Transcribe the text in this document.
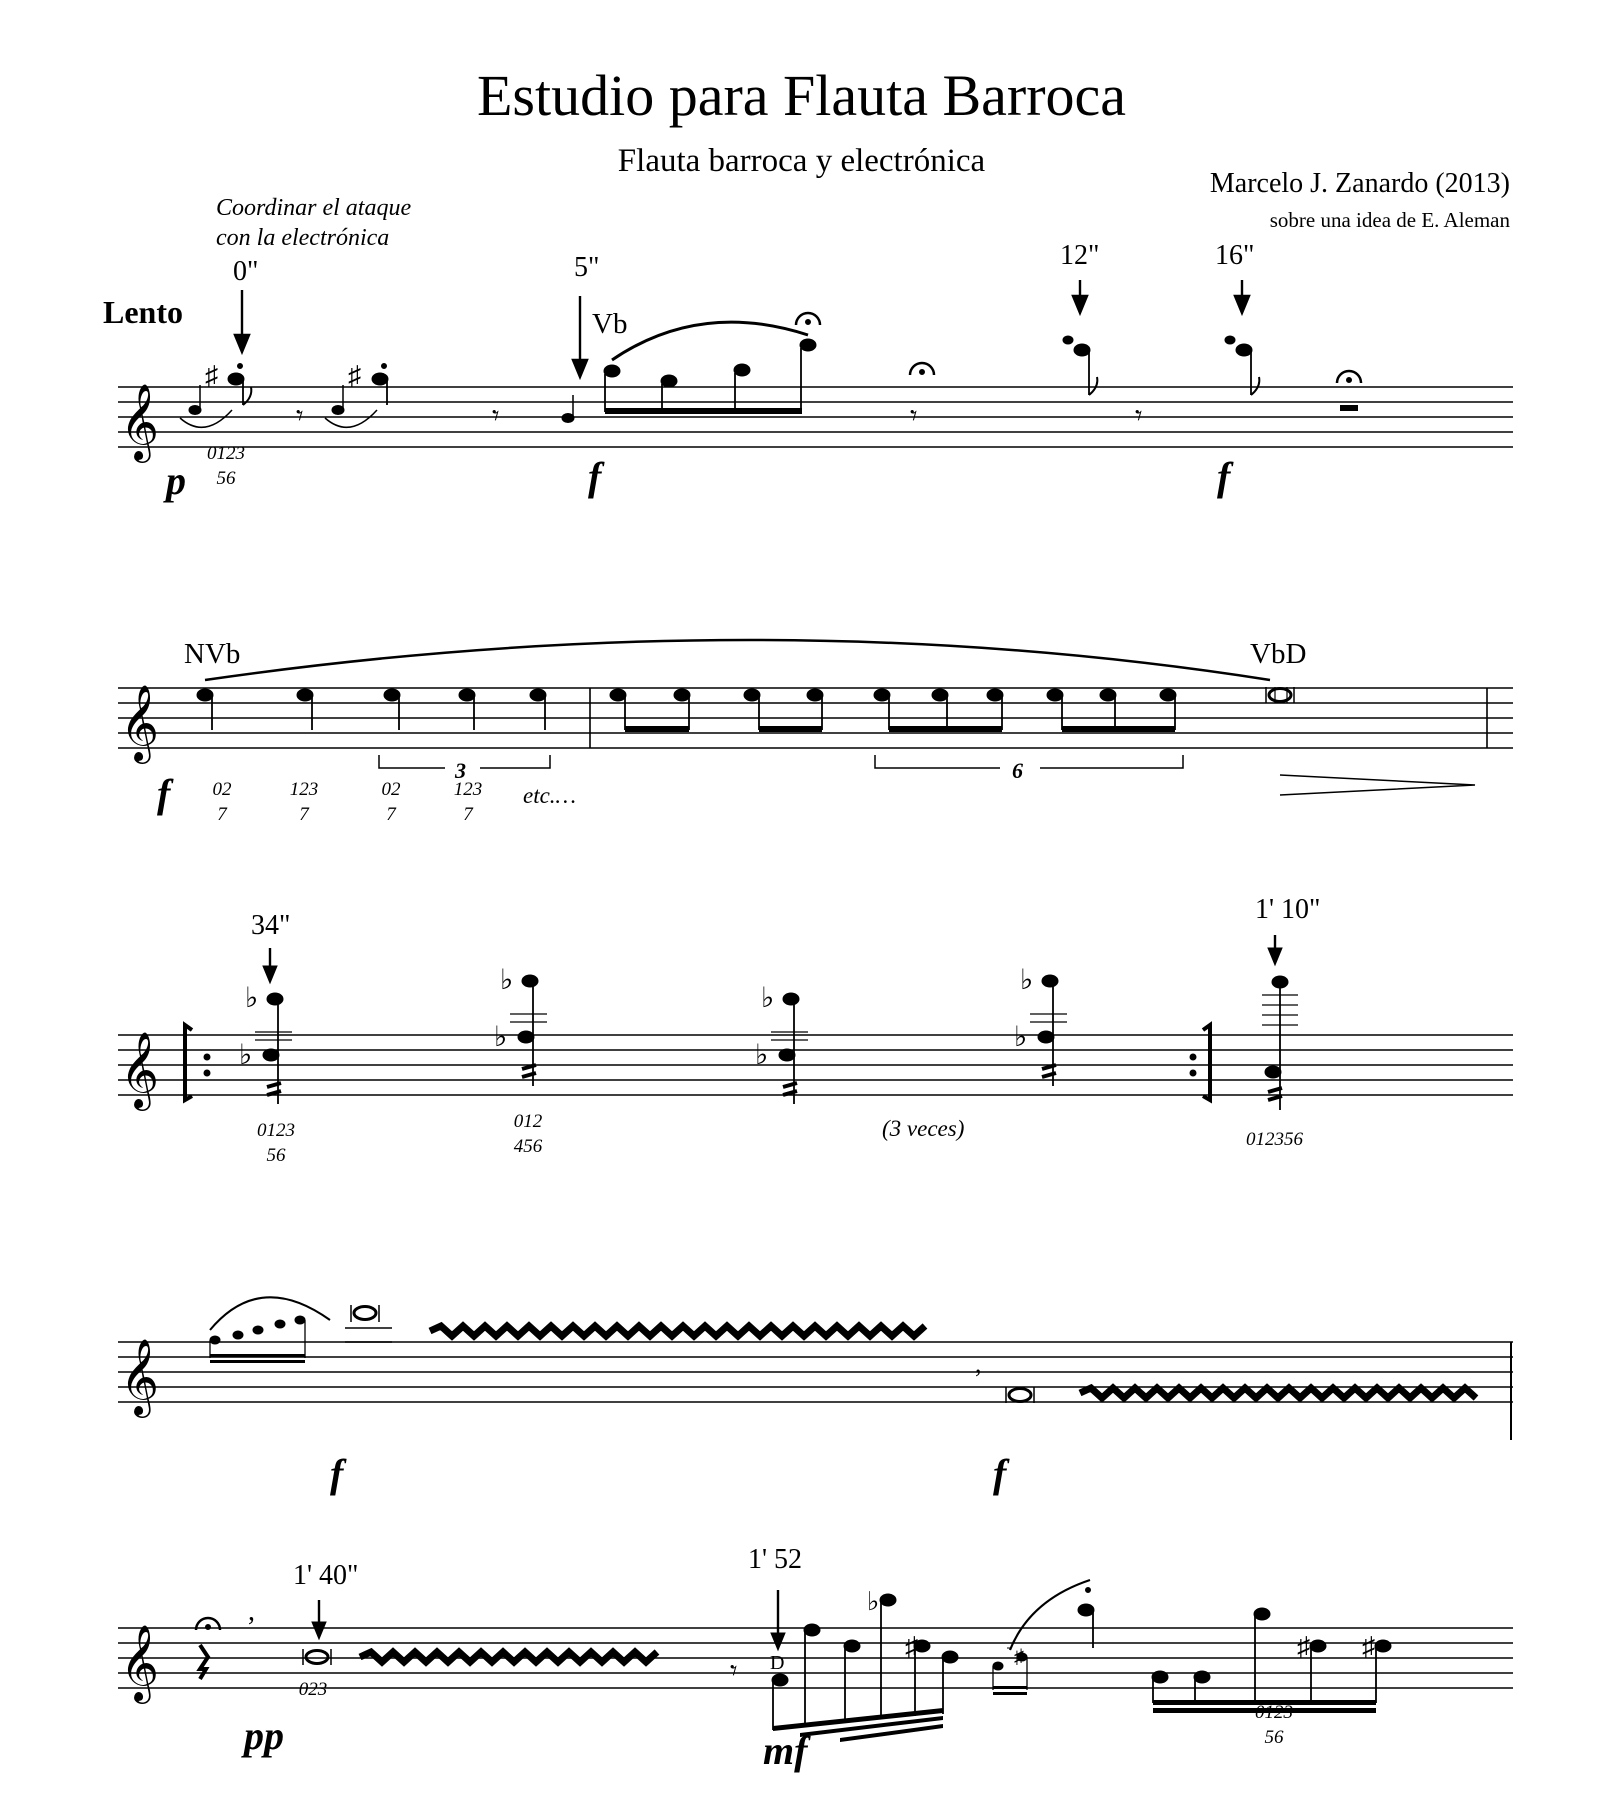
Estudio para Flauta Barroca
Flauta barroca y electrónica
Marcelo J. Zanardo (2013)
sobre una idea de E. Aleman
Lento
Coordinar el ataque
con la electrónica
0"	5"	12"	16"
34"
1' 10"
1' 40"
1' 52
Vb
NVb	VbD
D
p	f	f
f
f	f
pp	mf
0123
56
02
7
123
7
02
7
123
7
etc.…
0123
56
012
456	012356
(3 veces)
023
56
6
3
𝄞
♯
𝄾
♯
𝄾	𝄾	𝄾
𝄞
𝄞
♭
♭
♭
♭
♭
♭
♭
♭
𝄞	,
𝄞
,
𝄾
♭
♯	♯	♯ ♯
